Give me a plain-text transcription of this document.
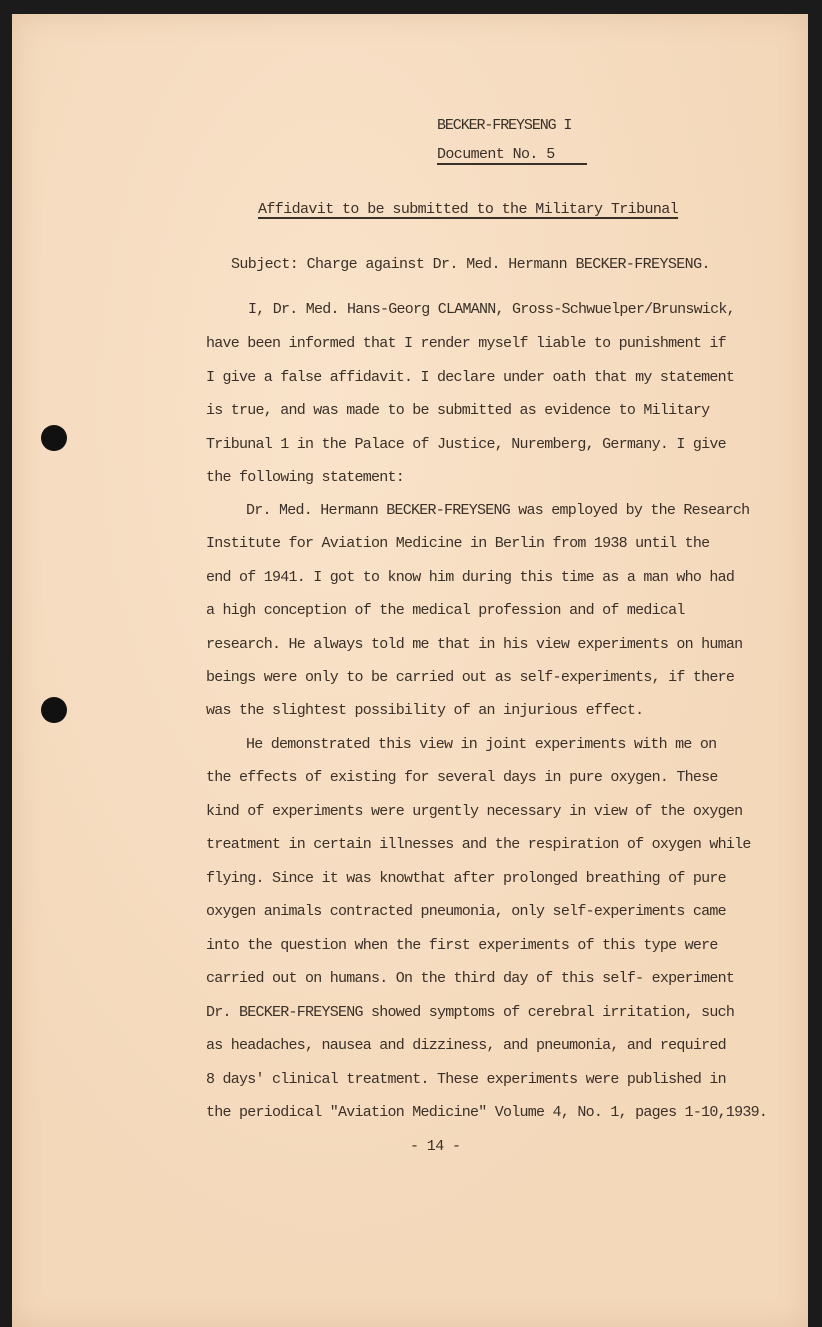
BECKER-FREYSENG I

Document No. 5

Affidavit to be submitted to the Military Tribunal

Subject: Charge against Dr. Med. Hermann BECKER-FREYSENG.

I, Dr. Med. Hans-Georg CLAMANN, Gross-Schwuelper/Brunswick,

have been informed that I render myself liable to punishment if

I give a false affidavit. I declare under oath that my statement

is true, and was made to be submitted as evidence to Military

Tribunal 1 in the Palace of Justice, Nuremberg, Germany. I give

the following statement:

Dr. Med. Hermann BECKER-FREYSENG was employed by the Research

Institute for Aviation Medicine in Berlin from 1938 until the

end of 1941. I got to know him during this time as a man who had

a high conception of the medical profession and of medical

research. He always told me that in his view experiments on human

beings were only to be carried out as self-experiments, if there

was the slightest possibility of an injurious effect.

He demonstrated this view in joint experiments with me on

the effects of existing for several days in pure oxygen. These

kind of experiments were urgently necessary in view of the oxygen

treatment in certain illnesses and the respiration of oxygen while

flying. Since it was knowthat after prolonged breathing of pure

oxygen animals contracted pneumonia, only self-experiments came

into the question when the first experiments of this type were

carried out on humans. On the third day of this self- experiment

Dr. BECKER-FREYSENG showed symptoms of cerebral irritation, such

as headaches, nausea and dizziness, and pneumonia, and required

8 days' clinical treatment. These experiments were published in

the periodical "Aviation Medicine" Volume 4, No. 1, pages 1-10,1939.

- 14 -
